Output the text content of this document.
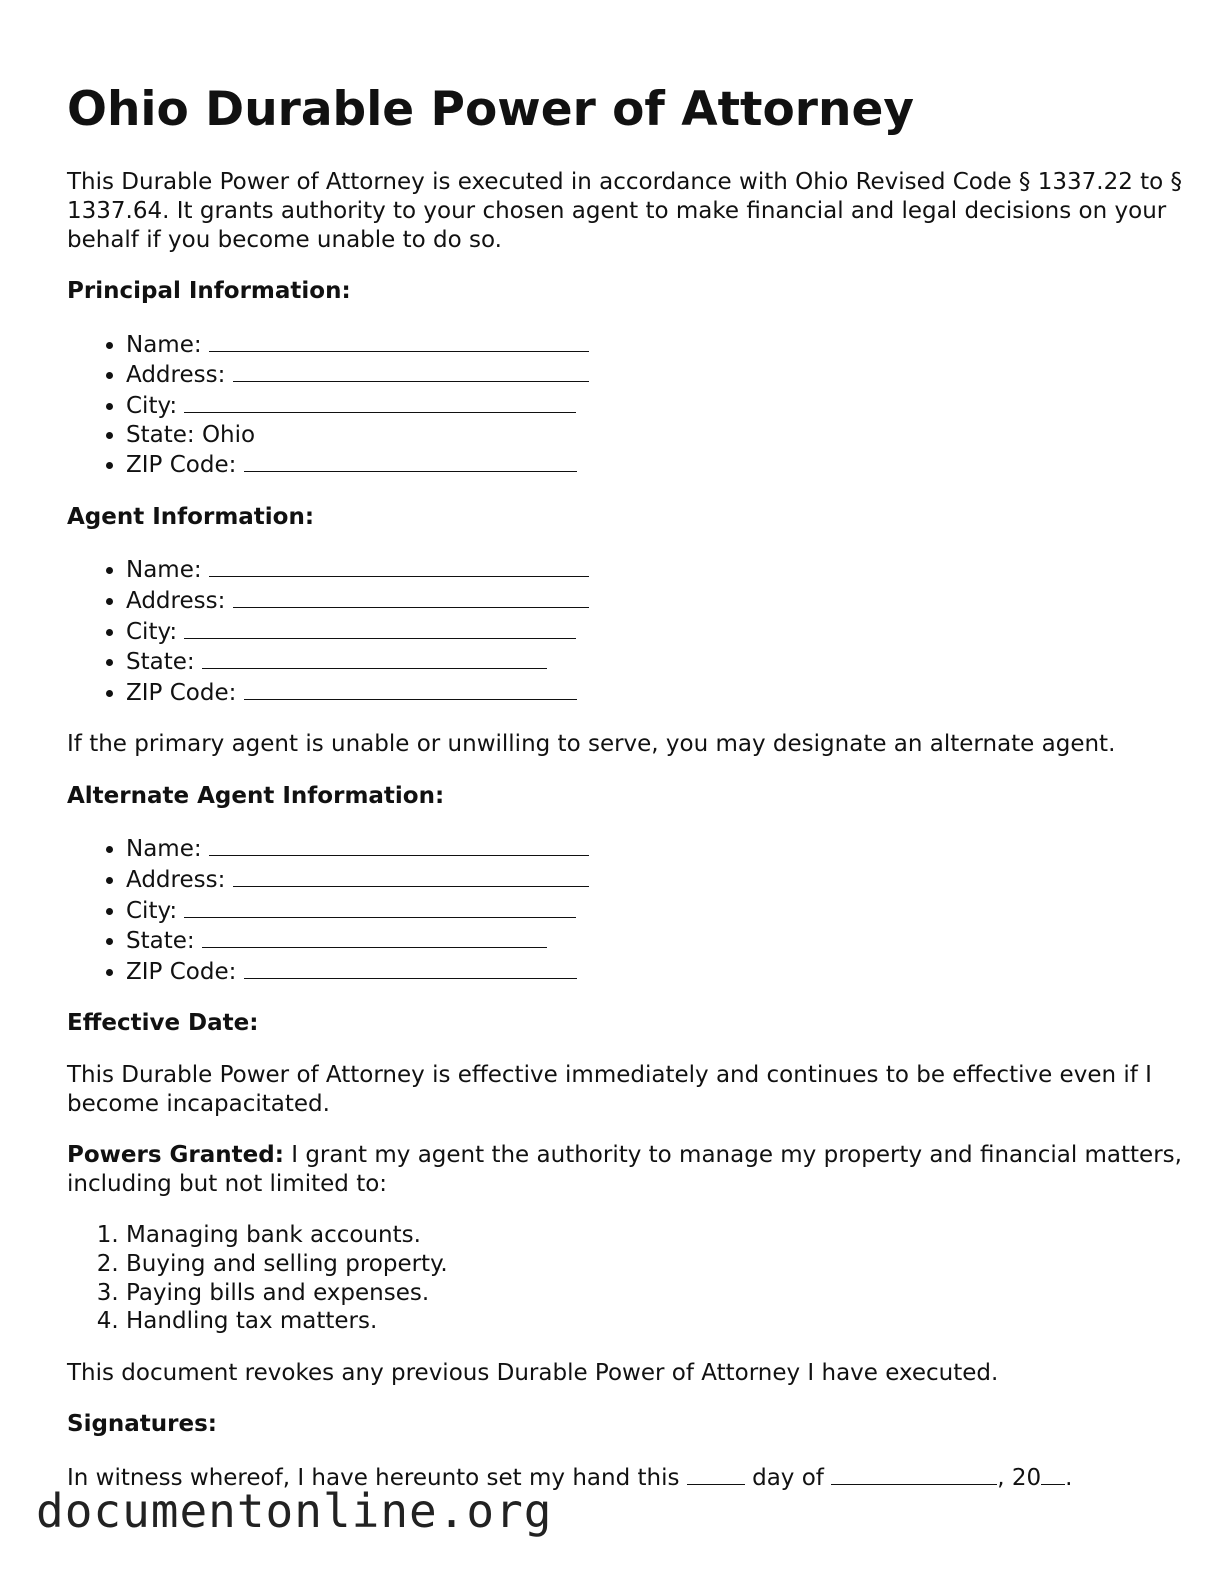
Ohio Durable Power of Attorney

This Durable Power of Attorney is executed in accordance with Ohio Revised Code § 1337.22 to § 1337.64. It grants authority to your chosen agent to make financial and legal decisions on your behalf if you become unable to do so.

Principal Information:
• Name:
• Address:
• City:
• State: Ohio
• ZIP Code:
Agent Information:
• Name:
• Address:
• City:
• State:
• ZIP Code:

If the primary agent is unable or unwilling to serve, you may designate an alternate agent.

Alternate Agent Information:
• Name:
• Address:
• City:
• State:
• ZIP Code:
Effective Date:

This Durable Power of Attorney is effective immediately and continues to be effective even if I become incapacitated.

Powers Granted: I grant my agent the authority to manage my property and financial matters, including but not limited to:

1. Managing bank accounts.
2. Buying and selling property.
3. Paying bills and expenses.
4. Handling tax matters.

This document revokes any previous Durable Power of Attorney I have executed.

Signatures:

In witness whereof, I have hereunto set my hand this	day of	, 20 .

documentonline.org
